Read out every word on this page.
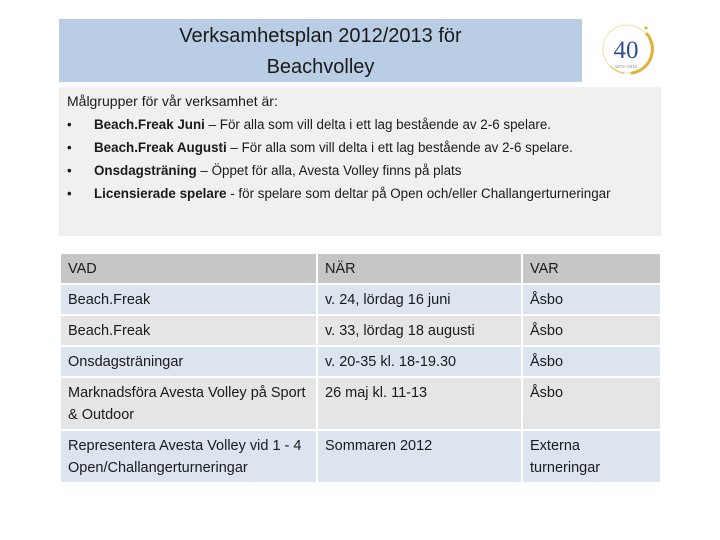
Verksamhetsplan 2012/2013 för
Beachvolley
40
1972–2012
Målgrupper för vår verksamhet är:
• Beach.Freak Juni – För alla som vill delta i ett lag bestående av 2-6 spelare.
• Beach.Freak Augusti – För alla som vill delta i ett lag bestående av 2-6 spelare.
• Onsdagsträning – Öppet för alla, Avesta Volley finns på plats
• Licensierade spelare - för spelare som deltar på Open och/eller Challangerturneringar
VAD	NÄR	VAR
Beach.Freak	v. 24, lördag 16 juni	Åsbo
Beach.Freak	v. 33, lördag 18 augusti	Åsbo
Onsdagsträningar	v. 20-35 kl. 18-19.30	Åsbo
Marknadsföra Avesta Volley på Sport & Outdoor	26 maj kl. 11-13	Åsbo
Representera Avesta Volley vid 1 - 4 Open/Challangerturneringar	Sommaren 2012	Externa turneringar
